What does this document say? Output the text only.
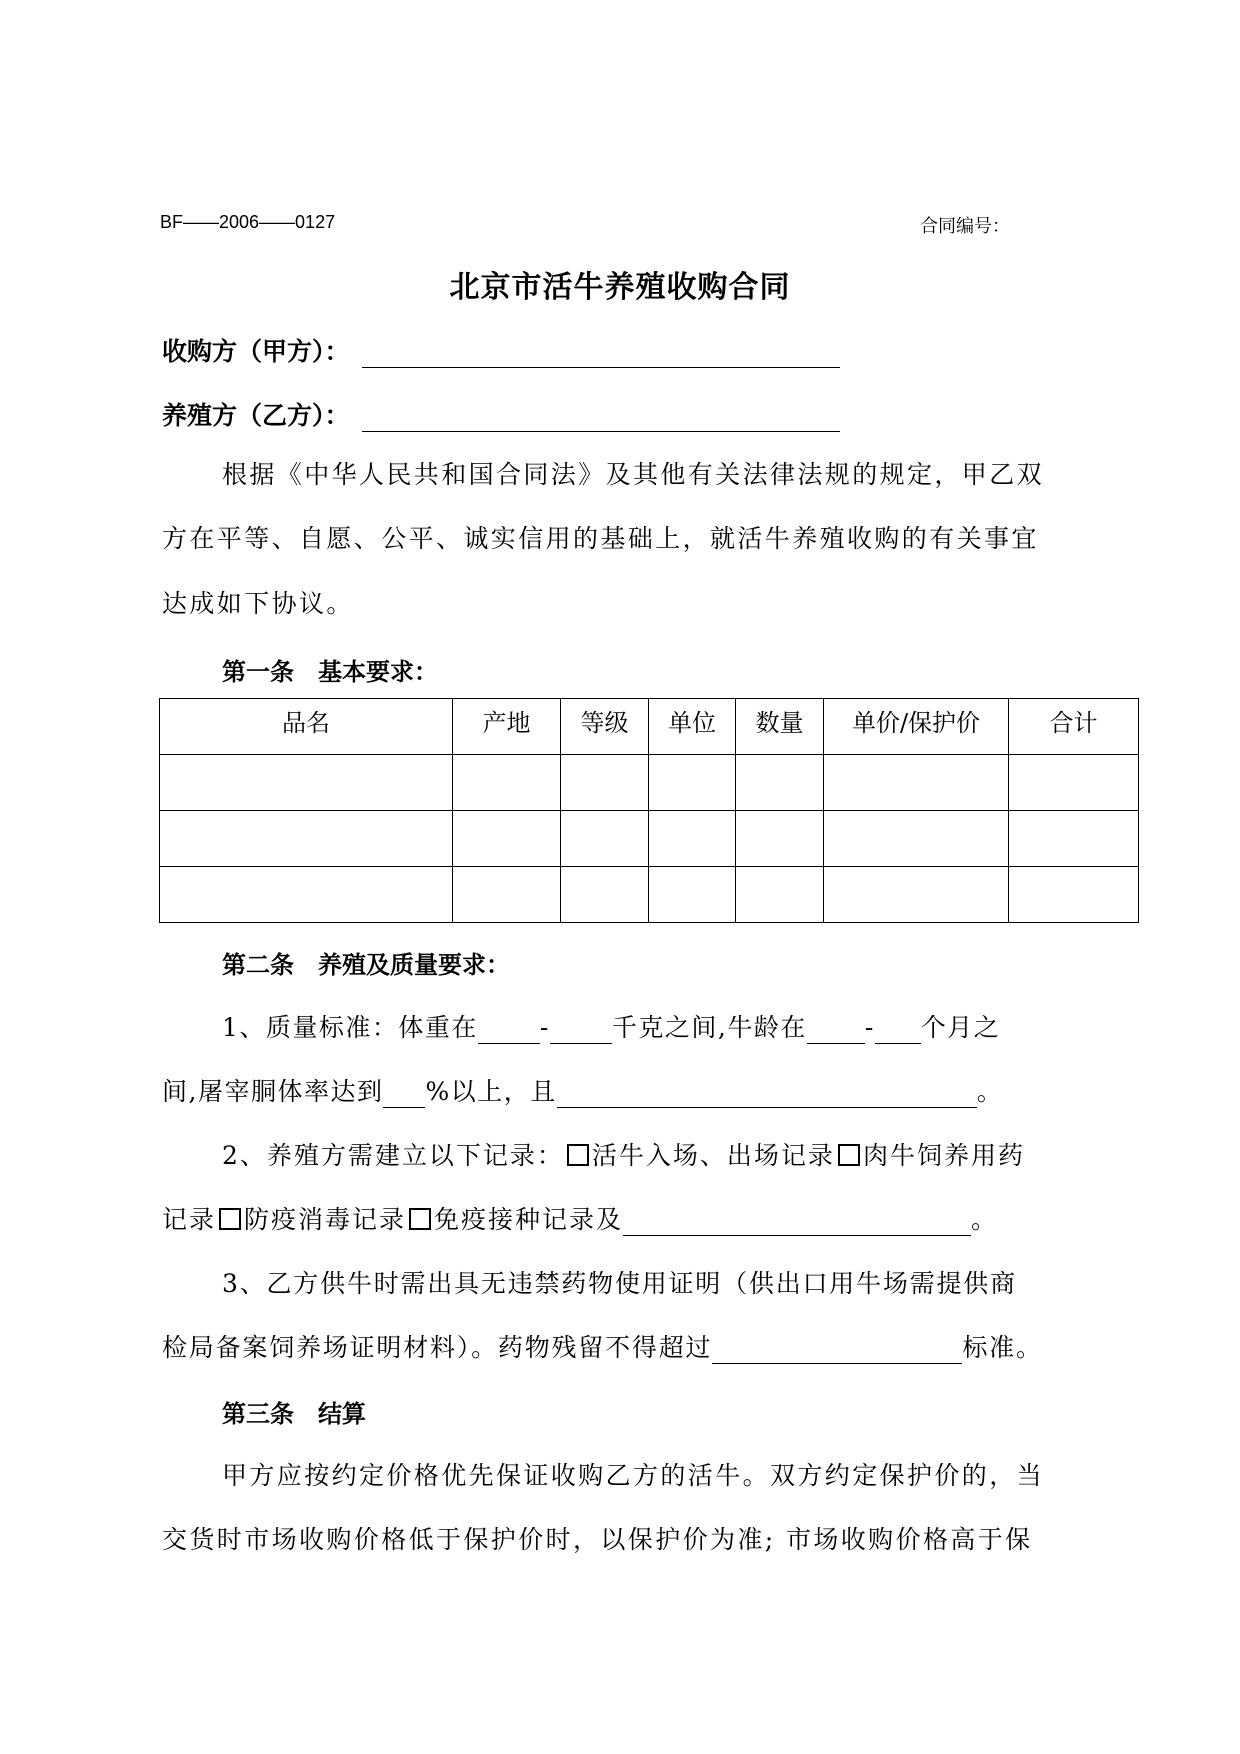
BF——2006——0127	合同编号：
北京市活牛养殖收购合同
收购方（甲方）：
养殖方（乙方）：
根据《中华人民共和国合同法》及其他有关法律法规的规定，甲乙双
方在平等、自愿、公平、诚实信用的基础上，就活牛养殖收购的有关事宜
达成如下协议。
第一条　基本要求：
品名	产地	等级	单位	数量	单价/保护价	合计

第二条　养殖及质量要求：
1、质量标准：体重在 - 千克之间,牛龄在 - 个月之
间,屠宰胴体率达到 %以上，且	。
2、养殖方需建立以下记录： 活牛入场、出场记录 肉牛饲养用药
记录 防疫消毒记录 免疫接种记录及	。
3、乙方供牛时需出具无违禁药物使用证明（供出口用牛场需提供商
检局备案饲养场证明材料）。药物残留不得超过	标准。
第三条　结算
甲方应按约定价格优先保证收购乙方的活牛。双方约定保护价的，当
交货时市场收购价格低于保护价时，以保护价为准; 市场收购价格高于保
